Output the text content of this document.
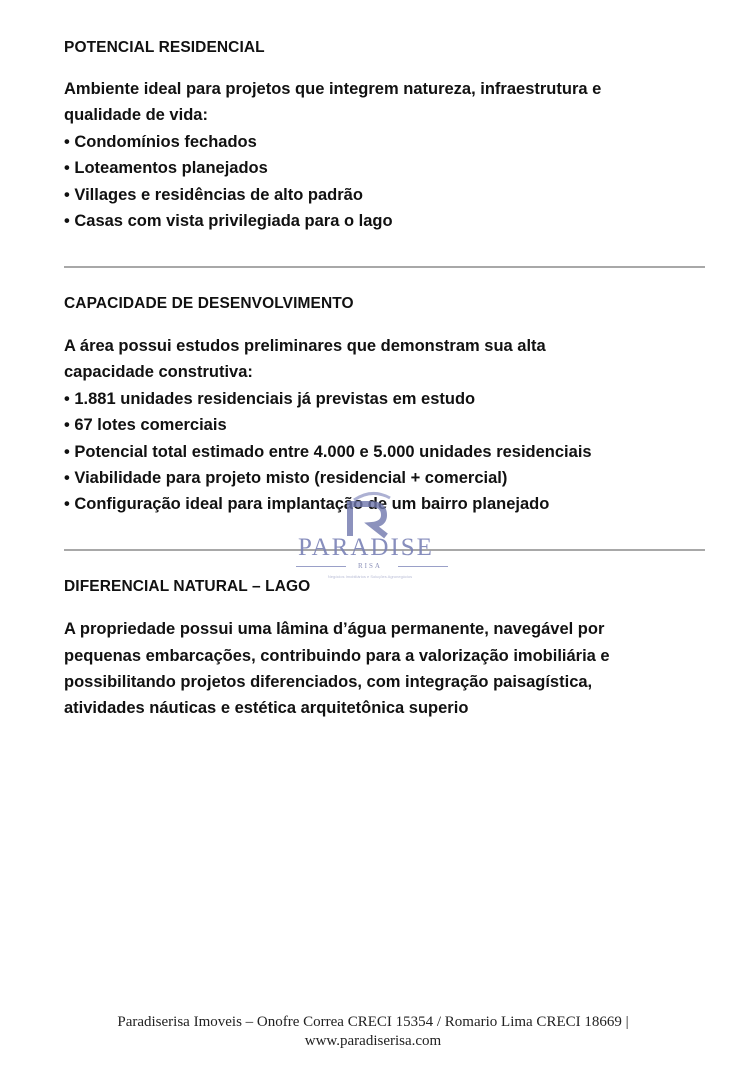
POTENCIAL RESIDENCIAL
Ambiente ideal para projetos que integrem natureza, infraestrutura e
qualidade de vida:
• Condomínios fechados
• Loteamentos planejados
• Villages e residências de alto padrão
• Casas com vista privilegiada para o lago
CAPACIDADE DE DESENVOLVIMENTO
A área possui estudos preliminares que demonstram sua alta
capacidade construtiva:
• 1.881 unidades residenciais já previstas em estudo
• 67 lotes comerciais
• Potencial total estimado entre 4.000 e 5.000 unidades residenciais
• Viabilidade para projeto misto (residencial + comercial)
• Configuração ideal para implantação de um bairro planejado
PARADISE
RISA
Negócios Imobiliários e Soluções Agronegócios
DIFERENCIAL NATURAL – LAGO
A propriedade possui uma lâmina d’água permanente, navegável por
pequenas embarcações, contribuindo para a valorização imobiliária e
possibilitando projetos diferenciados, com integração paisagística,
atividades náuticas e estética arquitetônica superio
Paradiserisa Imoveis – Onofre Correa CRECI 15354 / Romario Lima CRECI 18669 |
www.paradiserisa.com
